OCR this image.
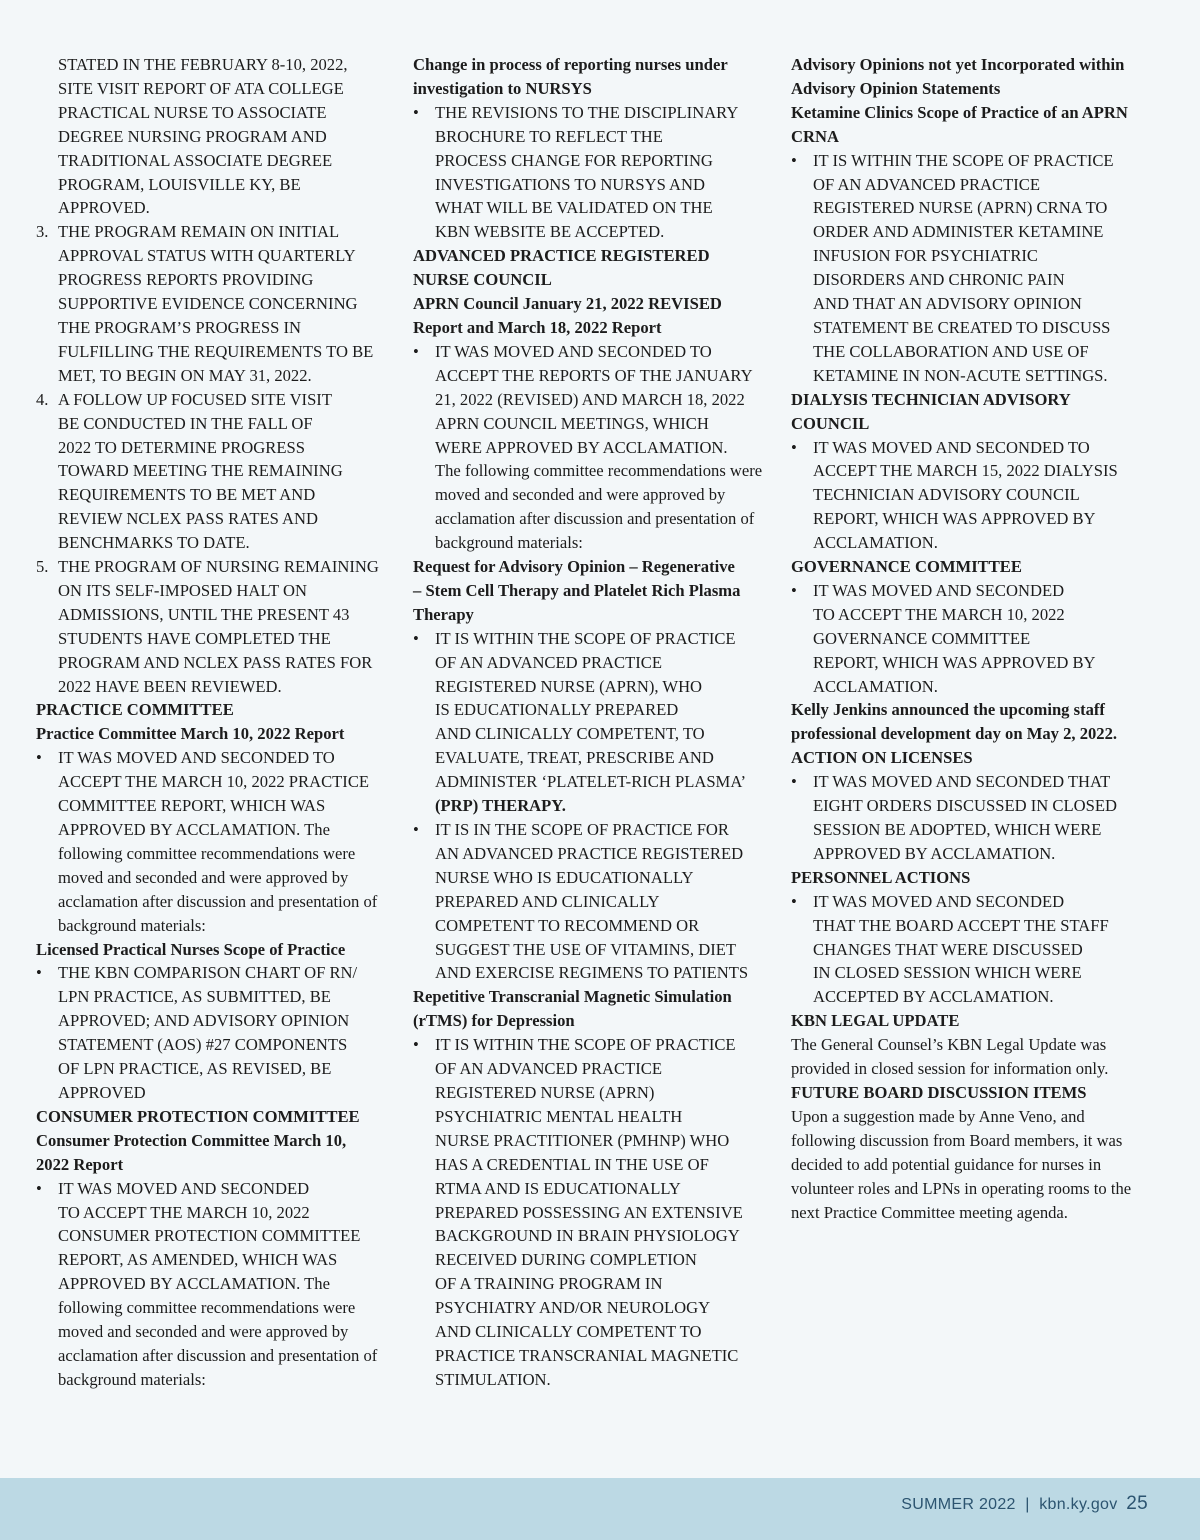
STATED IN THE FEBRUARY 8-10, 2022,
SITE VISIT REPORT OF ATA COLLEGE
PRACTICAL NURSE TO ASSOCIATE
DEGREE NURSING PROGRAM AND
TRADITIONAL ASSOCIATE DEGREE
PROGRAM, LOUISVILLE KY, BE
APPROVED.
3. THE PROGRAM REMAIN ON INITIAL
APPROVAL STATUS WITH QUARTERLY
PROGRESS REPORTS PROVIDING
SUPPORTIVE EVIDENCE CONCERNING
THE PROGRAM’S PROGRESS IN
FULFILLING THE REQUIREMENTS TO BE
MET, TO BEGIN ON MAY 31, 2022.
4. A FOLLOW UP FOCUSED SITE VISIT
BE CONDUCTED IN THE FALL OF
2022 TO DETERMINE PROGRESS
TOWARD MEETING THE REMAINING
REQUIREMENTS TO BE MET AND
REVIEW NCLEX PASS RATES AND
BENCHMARKS TO DATE.
5. THE PROGRAM OF NURSING REMAINING
ON ITS SELF-IMPOSED HALT ON
ADMISSIONS, UNTIL THE PRESENT 43
STUDENTS HAVE COMPLETED THE
PROGRAM AND NCLEX PASS RATES FOR
2022 HAVE BEEN REVIEWED.
PRACTICE COMMITTEE
Practice Committee March 10, 2022 Report
• IT WAS MOVED AND SECONDED TO
ACCEPT THE MARCH 10, 2022 PRACTICE
COMMITTEE REPORT, WHICH WAS
APPROVED BY ACCLAMATION. The
following committee recommendations were
moved and seconded and were approved by
acclamation after discussion and presentation of
background materials:
Licensed Practical Nurses Scope of Practice
• THE KBN COMPARISON CHART OF RN/
LPN PRACTICE, AS SUBMITTED, BE
APPROVED; AND ADVISORY OPINION
STATEMENT (AOS) #27 COMPONENTS
OF LPN PRACTICE, AS REVISED, BE
APPROVED
CONSUMER PROTECTION COMMITTEE
Consumer Protection Committee March 10,
2022 Report
• IT WAS MOVED AND SECONDED
TO ACCEPT THE MARCH 10, 2022
CONSUMER PROTECTION COMMITTEE
REPORT, AS AMENDED, WHICH WAS
APPROVED BY ACCLAMATION. The
following committee recommendations were
moved and seconded and were approved by
acclamation after discussion and presentation of
background materials:
Change in process of reporting nurses under
investigation to NURSYS
• THE REVISIONS TO THE DISCIPLINARY
BROCHURE TO REFLECT THE
PROCESS CHANGE FOR REPORTING
INVESTIGATIONS TO NURSYS AND
WHAT WILL BE VALIDATED ON THE
KBN WEBSITE BE ACCEPTED.
ADVANCED PRACTICE REGISTERED
NURSE COUNCIL
APRN Council January 21, 2022 REVISED
Report and March 18, 2022 Report
• IT WAS MOVED AND SECONDED TO
ACCEPT THE REPORTS OF THE JANUARY
21, 2022 (REVISED) AND MARCH 18, 2022
APRN COUNCIL MEETINGS, WHICH
WERE APPROVED BY ACCLAMATION.
The following committee recommendations were
moved and seconded and were approved by
acclamation after discussion and presentation of
background materials:
Request for Advisory Opinion – Regenerative
– Stem Cell Therapy and Platelet Rich Plasma
Therapy
• IT IS WITHIN THE SCOPE OF PRACTICE
OF AN ADVANCED PRACTICE
REGISTERED NURSE (APRN), WHO
IS EDUCATIONALLY PREPARED
AND CLINICALLY COMPETENT, TO
EVALUATE, TREAT, PRESCRIBE AND
ADMINISTER ‘PLATELET-RICH PLASMA’
(PRP) THERAPY.
• IT IS IN THE SCOPE OF PRACTICE FOR
AN ADVANCED PRACTICE REGISTERED
NURSE WHO IS EDUCATIONALLY
PREPARED AND CLINICALLY
COMPETENT TO RECOMMEND OR
SUGGEST THE USE OF VITAMINS, DIET
AND EXERCISE REGIMENS TO PATIENTS
Repetitive Transcranial Magnetic Simulation
(rTMS) for Depression
• IT IS WITHIN THE SCOPE OF PRACTICE
OF AN ADVANCED PRACTICE
REGISTERED NURSE (APRN)
PSYCHIATRIC MENTAL HEALTH
NURSE PRACTITIONER (PMHNP) WHO
HAS A CREDENTIAL IN THE USE OF
RTMA AND IS EDUCATIONALLY
PREPARED POSSESSING AN EXTENSIVE
BACKGROUND IN BRAIN PHYSIOLOGY
RECEIVED DURING COMPLETION
OF A TRAINING PROGRAM IN
PSYCHIATRY AND/OR NEUROLOGY
AND CLINICALLY COMPETENT TO
PRACTICE TRANSCRANIAL MAGNETIC
STIMULATION.
Advisory Opinions not yet Incorporated within
Advisory Opinion Statements
Ketamine Clinics Scope of Practice of an APRN
CRNA
• IT IS WITHIN THE SCOPE OF PRACTICE
OF AN ADVANCED PRACTICE
REGISTERED NURSE (APRN) CRNA TO
ORDER AND ADMINISTER KETAMINE
INFUSION FOR PSYCHIATRIC
DISORDERS AND CHRONIC PAIN
AND THAT AN ADVISORY OPINION
STATEMENT BE CREATED TO DISCUSS
THE COLLABORATION AND USE OF
KETAMINE IN NON-ACUTE SETTINGS.
DIALYSIS TECHNICIAN ADVISORY
COUNCIL
• IT WAS MOVED AND SECONDED TO
ACCEPT THE MARCH 15, 2022 DIALYSIS
TECHNICIAN ADVISORY COUNCIL
REPORT, WHICH WAS APPROVED BY
ACCLAMATION.
GOVERNANCE COMMITTEE
• IT WAS MOVED AND SECONDED
TO ACCEPT THE MARCH 10, 2022
GOVERNANCE COMMITTEE
REPORT, WHICH WAS APPROVED BY
ACCLAMATION.
Kelly Jenkins announced the upcoming staff
professional development day on May 2, 2022.
ACTION ON LICENSES
• IT WAS MOVED AND SECONDED THAT
EIGHT ORDERS DISCUSSED IN CLOSED
SESSION BE ADOPTED, WHICH WERE
APPROVED BY ACCLAMATION.
PERSONNEL ACTIONS
• IT WAS MOVED AND SECONDED
THAT THE BOARD ACCEPT THE STAFF
CHANGES THAT WERE DISCUSSED
IN CLOSED SESSION WHICH WERE
ACCEPTED BY ACCLAMATION.
KBN LEGAL UPDATE
The General Counsel’s KBN Legal Update was
provided in closed session for information only.
FUTURE BOARD DISCUSSION ITEMS
Upon a suggestion made by Anne Veno, and
following discussion from Board members, it was
decided to add potential guidance for nurses in
volunteer roles and LPNs in operating rooms to the
next Practice Committee meeting agenda.
SUMMER 2022 | kbn.ky.gov 25
